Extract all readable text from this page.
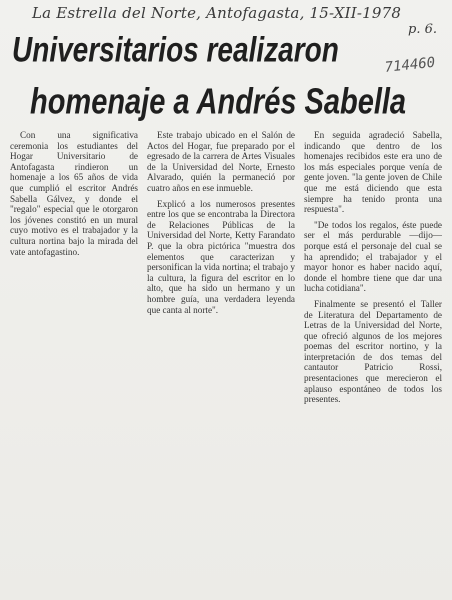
La Estrella del Norte, Antofagasta, 15-XII-1978
p. 6.
714460
Universitarios realizaron
homenaje a Andrés Sabella

Con una significativa ceremonia los estudiantes del Hogar Universitario de Antofagasta rindieron un homenaje a los 65 años de vida que cumplió el escritor Andrés Sabella Gálvez, y donde el "regalo" especial que le otorgaron los jóvenes constitó en un mural cuyo motivo es el trabajador y la cultura nortina bajo la mirada del vate antofagastino.

Este trabajo ubicado en el Salón de Actos del Hogar, fue preparado por el egresado de la carrera de Artes Visuales de la Universidad del Norte, Ernesto Alvarado, quién la permaneció por cuatro años en ese inmueble.

Explicó a los numerosos presentes entre los que se encontraba la Directora de Relaciones Públicas de la Universidad del Norte, Ketty Farandato P. que la obra pictórica "muestra dos elementos que caracterizan y personifican la vida nortina; el trabajo y la cultura, la figura del escritor en lo alto, que ha sido un hermano y un hombre guía, una verdadera leyenda que canta al norte".

En seguida agradeció Sabella, indicando que dentro de los homenajes recibidos este era uno de los más especiales porque venía de gente joven. "la gente joven de Chile que me está diciendo que esta siempre ha tenido pronta una respuesta".

"De todos los regalos, éste puede ser el más perdurable —dijo— porque está el personaje del cual se ha aprendido; el trabajador y el mayor honor es haber nacido aquí, donde el hombre tiene que dar una lucha cotidiana".

Finalmente se presentó el Taller de Literatura del Departamento de Letras de la Universidad del Norte, que ofreció algunos de los mejores poemas del escritor nortino, y la interpretación de dos temas del cantautor Patricio Rossi, presentaciones que merecieron el aplauso espontáneo de todos los presentes.
